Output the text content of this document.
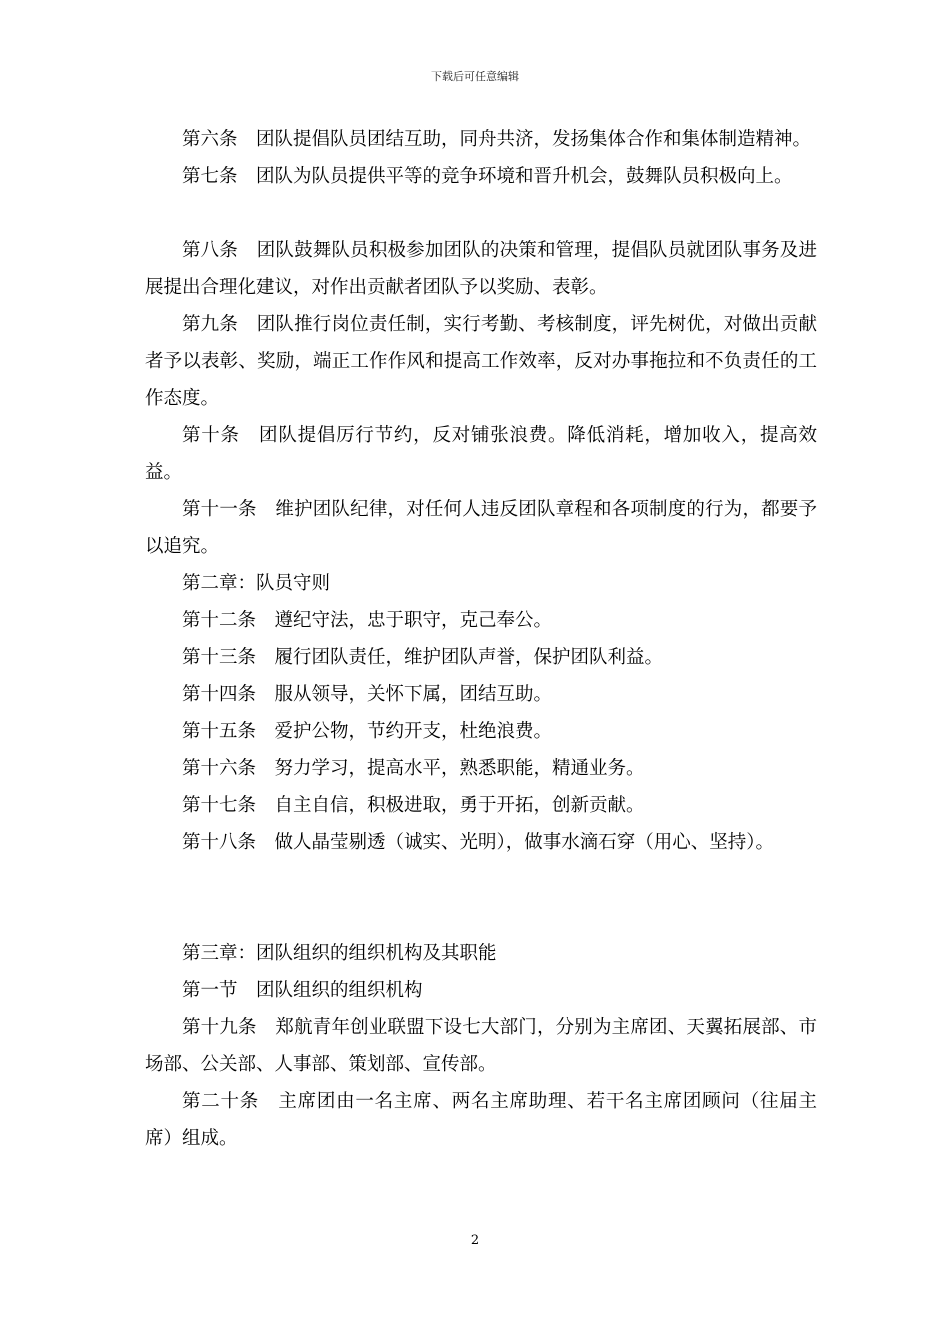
下载后可任意编辑

第六条　团队提倡队员团结互助，同舟共济，发扬集体合作和集体制造精神。

第七条　团队为队员提供平等的竞争环境和晋升机会，鼓舞队员积极向上。

第八条　团队鼓舞队员积极参加团队的决策和管理，提倡队员就团队事务及进展提出合理化建议，对作出贡献者团队予以奖励、表彰。

第九条　团队推行岗位责任制，实行考勤、考核制度，评先树优，对做出贡献者予以表彰、奖励，端正工作作风和提高工作效率，反对办事拖拉和不负责任的工作态度。

第十条　团队提倡厉行节约，反对铺张浪费。降低消耗，增加收入，提高效益。

第十一条　维护团队纪律，对任何人违反团队章程和各项制度的行为，都要予以追究。

第二章：队员守则

第十二条　遵纪守法，忠于职守，克己奉公。

第十三条　履行团队责任，维护团队声誉，保护团队利益。

第十四条　服从领导，关怀下属，团结互助。

第十五条　爱护公物，节约开支，杜绝浪费。

第十六条　努力学习，提高水平，熟悉职能，精通业务。

第十七条　自主自信，积极进取，勇于开拓，创新贡献。

第十八条　做人晶莹剔透（诚实、光明），做事水滴石穿（用心、坚持）。

第三章：团队组织的组织机构及其职能

第一节　团队组织的组织机构

第十九条　郑航青年创业联盟下设七大部门，分别为主席团、天翼拓展部、市场部、公关部、人事部、策划部、宣传部。

第二十条　主席团由一名主席、两名主席助理、若干名主席团顾问（往届主席）组成。

2
